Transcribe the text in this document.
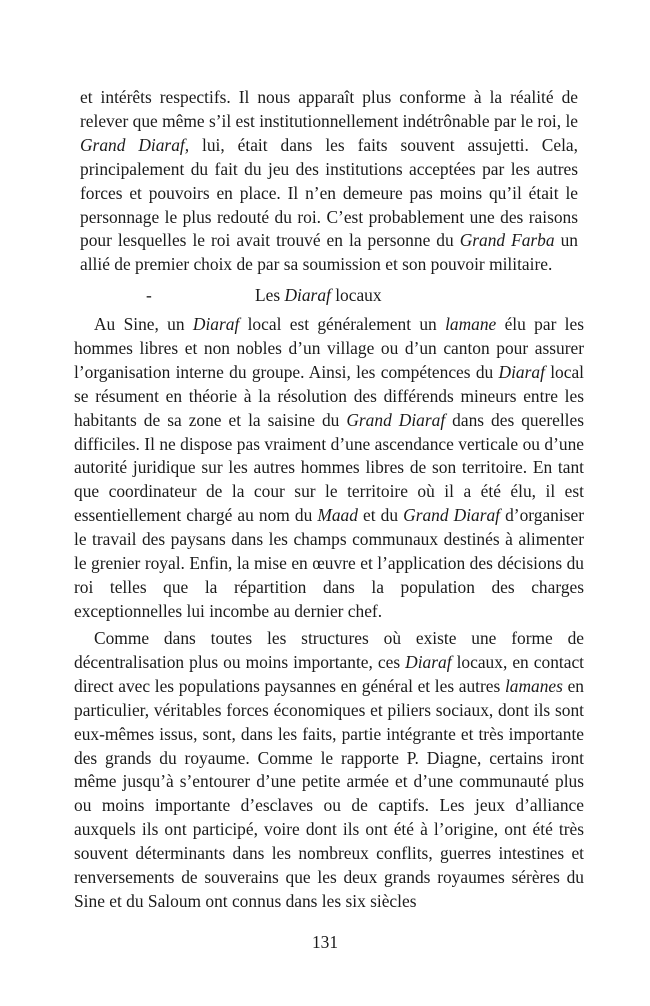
et intérêts respectifs. Il nous apparaît plus conforme à la réalité de relever que même s’il est institutionnellement indétrônable par le roi, le Grand Diaraf, lui, était dans les faits souvent assujetti. Cela, principalement du fait du jeu des institutions acceptées par les autres forces et pouvoirs en place. Il n’en demeure pas moins qu’il était le personnage le plus redouté du roi. C’est probablement une des raisons pour lesquelles le roi avait trouvé en la personne du Grand Farba un allié de premier choix de par sa soumission et son pouvoir militaire.

-	Les Diaraf locaux

Au Sine, un Diaraf local est généralement un lamane élu par les hommes libres et non nobles d’un village ou d’un canton pour assurer l’organisation interne du groupe. Ainsi, les compétences du Diaraf local se résument en théorie à la résolution des différends mineurs entre les habitants de sa zone et la saisine du Grand Diaraf dans des querelles difficiles. Il ne dispose pas vraiment d’une ascendance verticale ou d’une autorité juridique sur les autres hommes libres de son territoire. En tant que coordinateur de la cour sur le territoire où il a été élu, il est essentiellement chargé au nom du Maad et du Grand Diaraf d’organiser le travail des paysans dans les champs communaux destinés à alimenter le grenier royal. Enfin, la mise en œuvre et l’application des décisions du roi telles que la répartition dans la population des charges exceptionnelles lui incombe au dernier chef.

Comme dans toutes les structures où existe une forme de décentralisation plus ou moins importante, ces Diaraf locaux, en contact direct avec les populations paysannes en général et les autres lamanes en particulier, véritables forces économiques et piliers sociaux, dont ils sont eux-mêmes issus, sont, dans les faits, partie intégrante et très importante des grands du royaume. Comme le rapporte P. Diagne, certains iront même jusqu’à s’entourer d’une petite armée et d’une communauté plus ou moins importante d’esclaves ou de captifs. Les jeux d’alliance auxquels ils ont participé, voire dont ils ont été à l’origine, ont été très souvent déterminants dans les nombreux conflits, guerres intestines et renversements de souverains que les deux grands royaumes sérères du Sine et du Saloum ont connus dans les six siècles

131
